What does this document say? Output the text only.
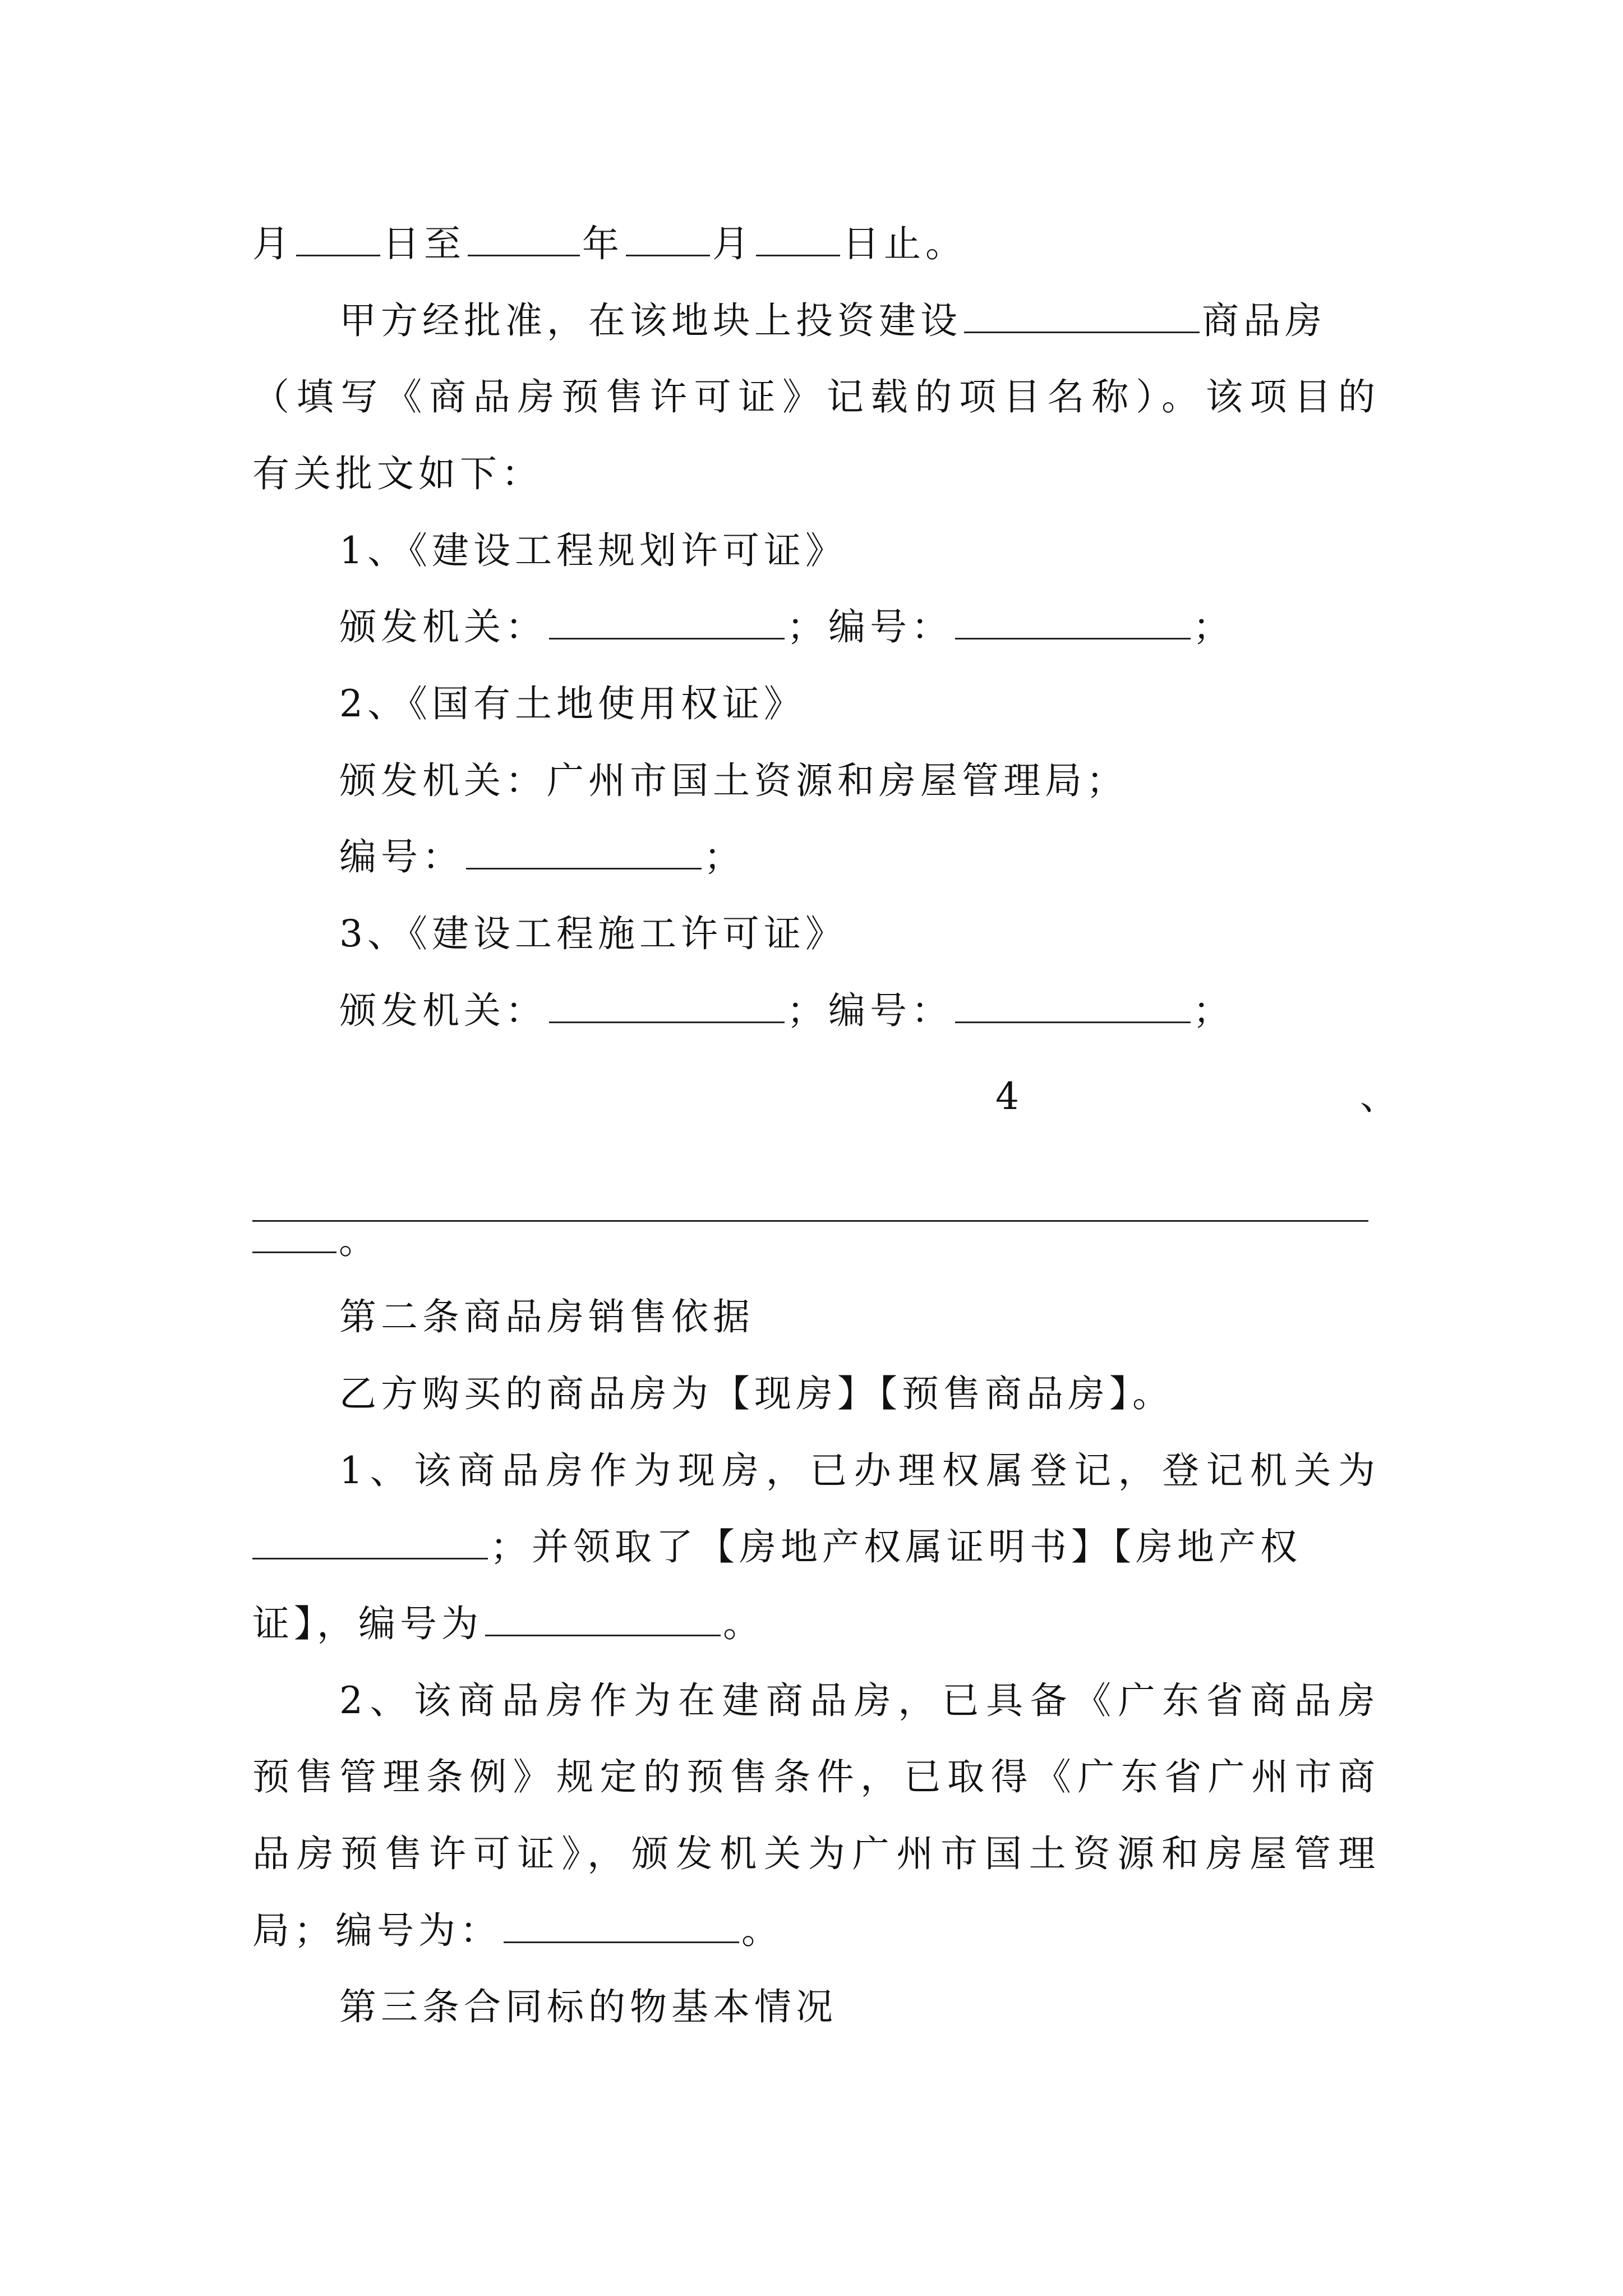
月 日至	年 月 日止。
甲方经批准，在该地块上投资建设	商品房
（填写《商品房预售许可证》记载的项目名称）。该项目的
有关批文如下：
1、《建设工程规划许可证》
颁发机关：	；编号：	；
2、《国有土地使用权证》
颁发机关：广州市国土资源和房屋管理局；
编号：	；
3、《建设工程施工许可证》
颁发机关：	；编号：	；
4	、
。
第二条商品房销售依据
乙方购买的商品房为【现房】【预售商品房】。
1、该商品房作为现房，已办理权属登记，登记机关为
；并领取了【房地产权属证明书】【房地产权
证】，编号为	。
2、该商品房作为在建商品房，已具备《广东省商品房
预售管理条例》规定的预售条件，已取得《广东省广州市商
品房预售许可证》，颁发机关为广州市国土资源和房屋管理
局；编号为：	。
第三条合同标的物基本情况
